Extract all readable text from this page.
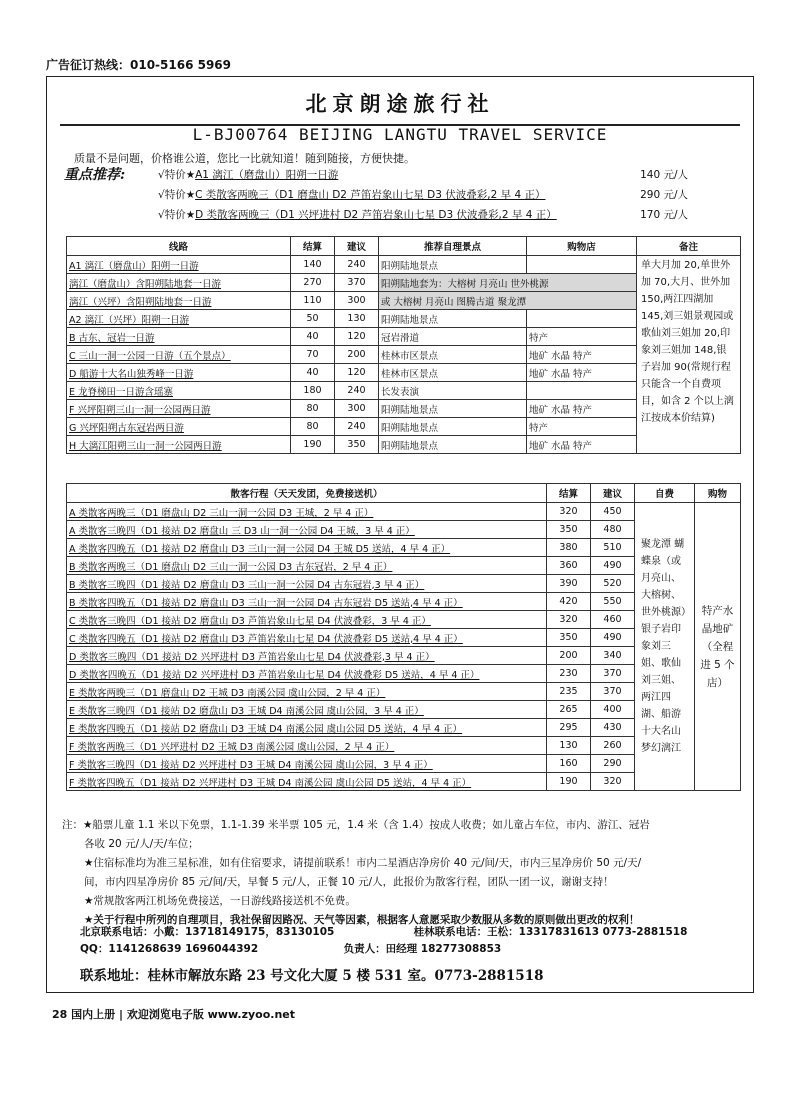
广告征订热线：010-5166 5969
北京朗途旅行社
L-BJ00764 BEIJING LANGTU TRAVEL SERVICE
质量不是问题，价格谁公道，您比一比就知道！随到随接，方便快捷。
重点推荐:	√特价★A1 漓江（磨盘山）阳朔一日游	140 元/人
√特价★C 类散客两晚三（D1 磨盘山 D2 芦笛岩象山七星 D3 伏波叠彩,2 早 4 正）	290 元/人
√特价★D 类散客两晚三（D1 兴坪进村 D2 芦笛岩象山七星 D3 伏波叠彩,2 早 4 正）	170 元/人
线路	结算	建议	推荐自理景点	购物店	备注
A1 漓江（磨盘山）阳朔一日游	140	240	阳朔陆地景点		单大月加 20,单世外加 70,大月、世外加 150,两江四湖加 145,刘三姐景观园或歌仙刘三姐加 20,印象刘三姐加 148,银子岩加 90(常规行程只能含一个自费项目，如含 2 个以上漓江按成本价结算)
漓江（磨盘山）含阳朔陆地套一日游	270	370	阳朔陆地套为：大榕树 月亮山 世外桃源		
漓江（兴坪）含阳朔陆地套一日游	110	300	或 大榕树 月亮山 图腾古道 聚龙潭		
A2 漓江（兴坪）阳朔一日游	50	130	阳朔陆地景点		
B 古东、冠岩一日游	40	120	冠岩滑道	特产	
C 三山一洞一公园一日游（五个景点）	70	200	桂林市区景点	地矿 水晶 特产	
D 船游十大名山独秀峰一日游	40	120	桂林市区景点	地矿 水晶 特产	
E 龙脊梯田一日游含瑶寨	180	240	长发表演		
F 兴坪阳朔三山一洞一公园两日游	80	300	阳朔陆地景点	地矿 水晶 特产	
G 兴坪阳朔古东冠岩两日游	80	240	阳朔陆地景点	特产	
H 大漓江阳朔三山一洞一公园两日游	190	350	阳朔陆地景点	地矿 水晶 特产	
散客行程（天天发团，免费接送机）	结算	建议	自费	购物
A 类散客两晚三（D1 磨盘山 D2 三山一洞一公园 D3 王城，2 早 4 正）	320	450	聚龙潭 蝴蝶泉（或月亮山、大榕树、世外桃源）银子岩印象刘三姐、歌仙刘三姐、两江四湖、船游十大名山 梦幻漓江	特产水晶地矿（全程进 5 个店）
A 类散客三晚四（D1 接站 D2 磨盘山 三 D3 山一洞一公园 D4 王城，3 早 4 正）	350	480		
A 类散客四晚五（D1 接站 D2 磨盘山 D3 三山一洞一公园 D4 王城 D5 送站，4 早 4 正）	380	510		
B 类散客两晚三（D1 磨盘山 D2 三山一洞一公园 D3 古东冠岩，2 早 4 正）	360	490		
B 类散客三晚四（D1 接站 D2 磨盘山 D3 三山一洞一公园 D4 古东冠岩,3 早 4 正）	390	520		
B 类散客四晚五（D1 接站 D2 磨盘山 D3 三山一洞一公园 D4 古东冠岩 D5 送站,4 早 4 正）	420	550		
C 类散客三晚四（D1 接站 D2 磨盘山 D3 芦笛岩象山七星 D4 伏波叠彩，3 早 4 正）	320	460		
C 类散客四晚五（D1 接站 D2 磨盘山 D3 芦笛岩象山七星 D4 伏波叠彩 D5 送站,4 早 4 正）	350	490		
D 类散客三晚四（D1 接站 D2 兴坪进村 D3 芦笛岩象山七星 D4 伏波叠彩,3 早 4 正）	200	340		
D 类散客四晚五（D1 接站 D2 兴坪进村 D3 芦笛岩象山七星 D4 伏波叠彩 D5 送站，4 早 4 正）	230	370		
E 类散客两晚三（D1 磨盘山 D2 王城 D3 南溪公园 虞山公园，2 早 4 正）	235	370		
E 类散客三晚四（D1 接站 D2 磨盘山 D3 王城 D4 南溪公园 虞山公园，3 早 4 正）	265	400		
E 类散客四晚五（D1 接站 D2 磨盘山 D3 王城 D4 南溪公园 虞山公园 D5 送站，4 早 4 正）	295	430		
F 类散客两晚三（D1 兴坪进村 D2 王城 D3 南溪公园 虞山公园，2 早 4 正）	130	260		
F 类散客三晚四（D1 接站 D2 兴坪进村 D3 王城 D4 南溪公园 虞山公园，3 早 4 正）	160	290		
F 类散客四晚五（D1 接站 D2 兴坪进村 D3 王城 D4 南溪公园 虞山公园 D5 送站，4 早 4 正）	190	320		

注：★船票儿童 1.1 米以下免票，1.1-1.39 米半票 105 元，1.4 米（含 1.4）按成人收费；如儿童占车位，市内、游江、冠岩

各收 20 元/人/天/车位；

★住宿标准均为准三星标准，如有住宿要求，请提前联系！市内二星酒店净房价 40 元/间/天，市内三星净房价 50 元/天/

间，市内四星净房价 85 元/间/天，早餐 5 元/人，正餐 10 元/人，此报价为散客行程，团队一团一议，谢谢支持！

★常规散客两江机场免费接送，一日游线路接送机不免费。

★关于行程中所列的自理项目，我社保留因路况、天气等因素，根据客人意愿采取少数服从多数的原则做出更改的权利！

北京联系电话：小戴：13718149175，83130105	桂林联系电话：王松：13317831613 0773-2881518
QQ：1141268639 1696044392	负责人：田经理 18277308853
联系地址：桂林市解放东路 23 号文化大厦 5 楼 531 室。0773-2881518
28 国内上册 | 欢迎浏览电子版 www.zyoo.net
